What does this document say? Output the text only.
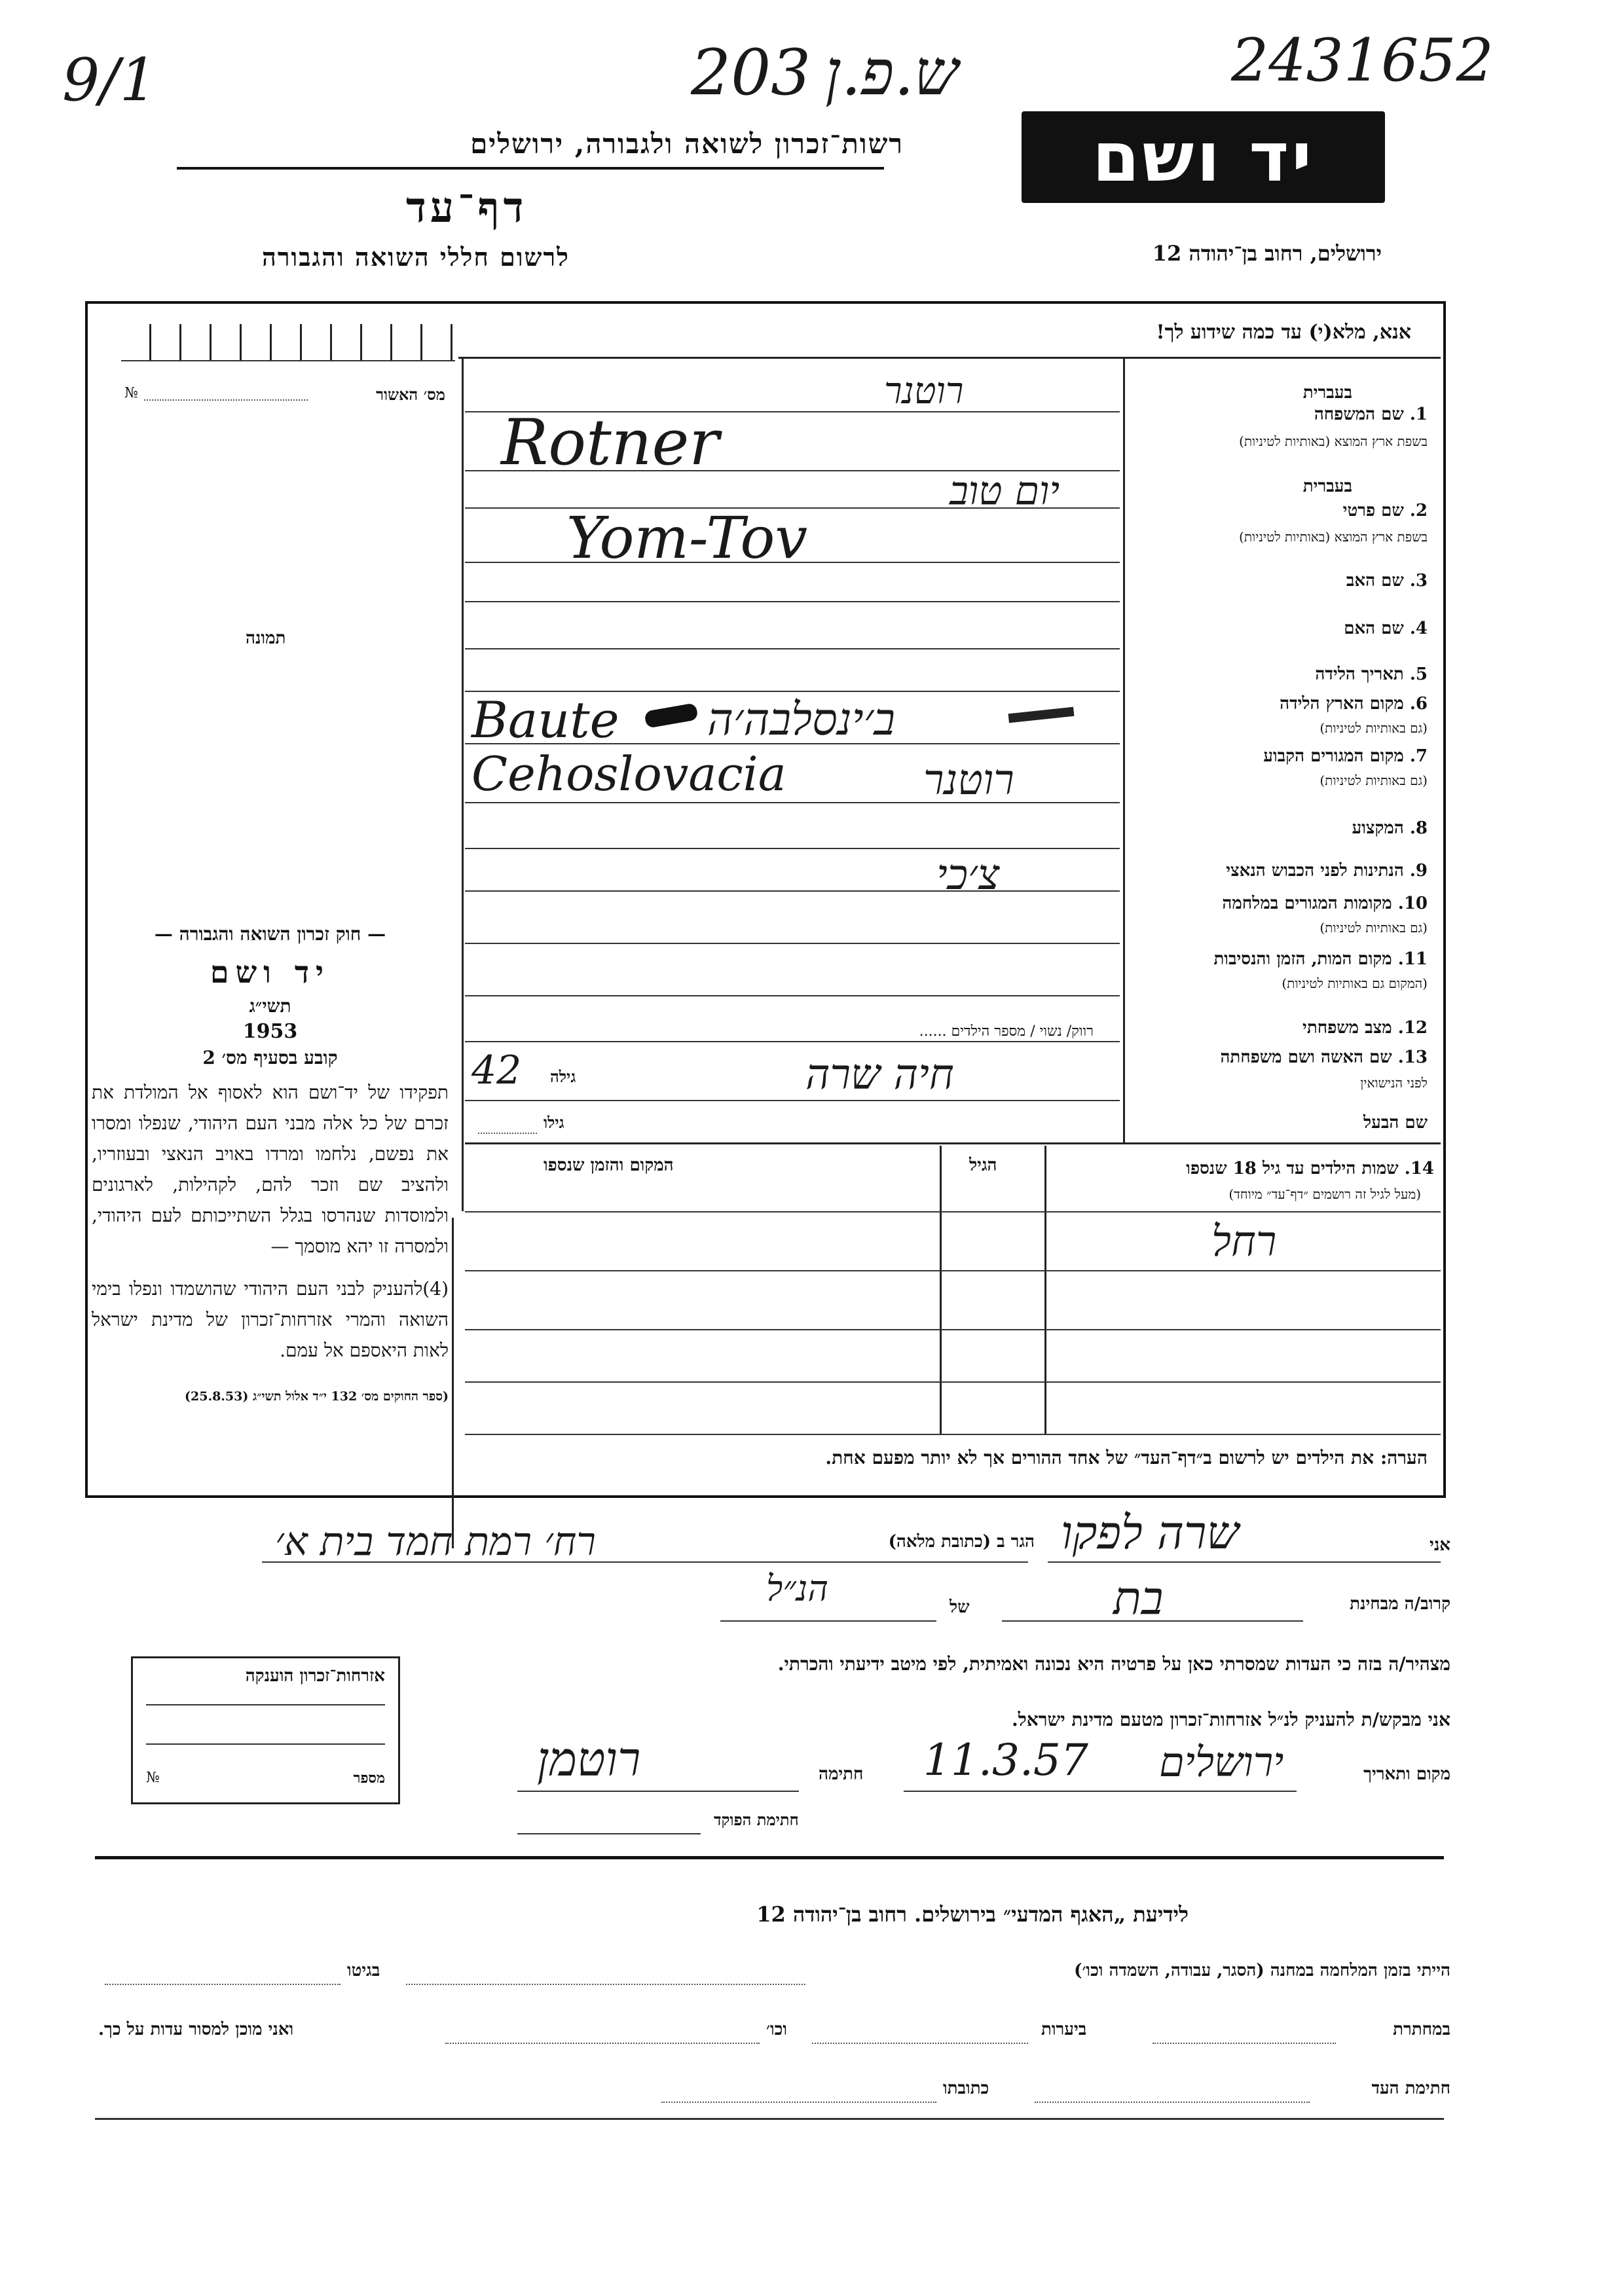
9/1	203 ש.פ.ן	2431652
רשות־זכרון לשואה ולגבורה, ירושלים
דף־עד
לרשום חללי השואה והגבורה
יד ושם
ירושלים, רחוב בן־יהודה 12
מס׳ האשור
№
תמונה

— חוק זכרון השואה והגבורה —

יד ושם

תשי״ג

1953

קובע בסעיף מס׳ 2

תפקידו של יד־ושם הוא לאסוף אל המולדת את זכרם של כל אלה מבני העם היהודי, שנפלו ומסרו את נפשם, נלחמו ומרדו באויב הנאצי ובעוזריו, ולהציב שם וזכר להם, לקהילות, לארגונים ולמוסדות שנהרסו בגלל השתייכותם לעם היהודי, ולמסרה זו יהא מוסמך —

(4)להעניק לבני העם היהודי שהושמדו ונפלו בימי השואה והמרי אזרחות־זכרון של מדינת ישראל לאות היאספם אל עמם.

(ספר החוקים מס׳ 132 י״ד אלול תשי״ג (25.8.53)

אנא, מלא(י) עד כמה שידוע לך!
בעברית
1. שם המשפחה
בשפת ארץ המוצא (באותיות לטיניות)
רוטנר
Rotner
בעברית
2. שם פרטי
בשפת ארץ המוצא (באותיות לטיניות)
יום טוב
Yom-Tov
3. שם האב
4. שם האם
5. תאריך הלידה
6. מקום הארץ הלידה
(גם באותיות לטיניות)
Baute ב׳ינסלבה׳ה
7. מקום המגורים הקבוע
(גם באותיות לטיניות)
Cehoslovacia	רוטנר
8. המקצוע
9. הנתינות לפני הכבוש הנאצי
צ׳כי
10. מקומות המגורים במלחמה
(גם באותיות לטיניות)
11. מקום המות, הזמן והנסיבות
(המקום גם באותיות לטיניות)
12. מצב משפחתי
רווק/ נשוי / מספר הילדים ......
13. שם האשה ושם משפחתה
לפני הנישואין
חיה שרה
גילה
42
שם הבעל
גילו
14. שמות הילדים עד גיל 18 שנספו
(מעל לגיל זה רושמים ״דף־עד״ מיוחד)
הגיל
המקום והזמן שנספו
רחל
הערה: את הילדים יש לרשום ב״דף־העד״ של אחד ההורים אך לא יותר מפעם אחת.
אזרחות־זכרון הוענקה
מספר
№
אני
שרה לפקו
הגר ב (כתובת מלאה)
רח׳ רמת חמד בית א׳
קרוב/ה מבחינת
בת
של
הנ״ל
מצהיר/ה בזה כי העדות שמסרתי כאן על פרטיה היא נכונה ואמיתית, לפי מיטב ידיעתי והכרתי.
אני מבקש/ת להעניק לנ״ל אזרחות־זכרון מטעם מדינת ישראל.
מקום ותאריך
ירושלים
11.3.57
חתימה
רוטמן
חתימת הפוקד
לידיעת „האגף המדעי״ בירושלים. רחוב בן־יהודה 12
הייתי בזמן המלחמה במחנה (הסגר, עבודה, השמדה וכו׳)
בגיטו
במחתרת
ביערות
וכו׳
ואני מוכן למסור עדות על כך.
חתימת העד
כתובתו
